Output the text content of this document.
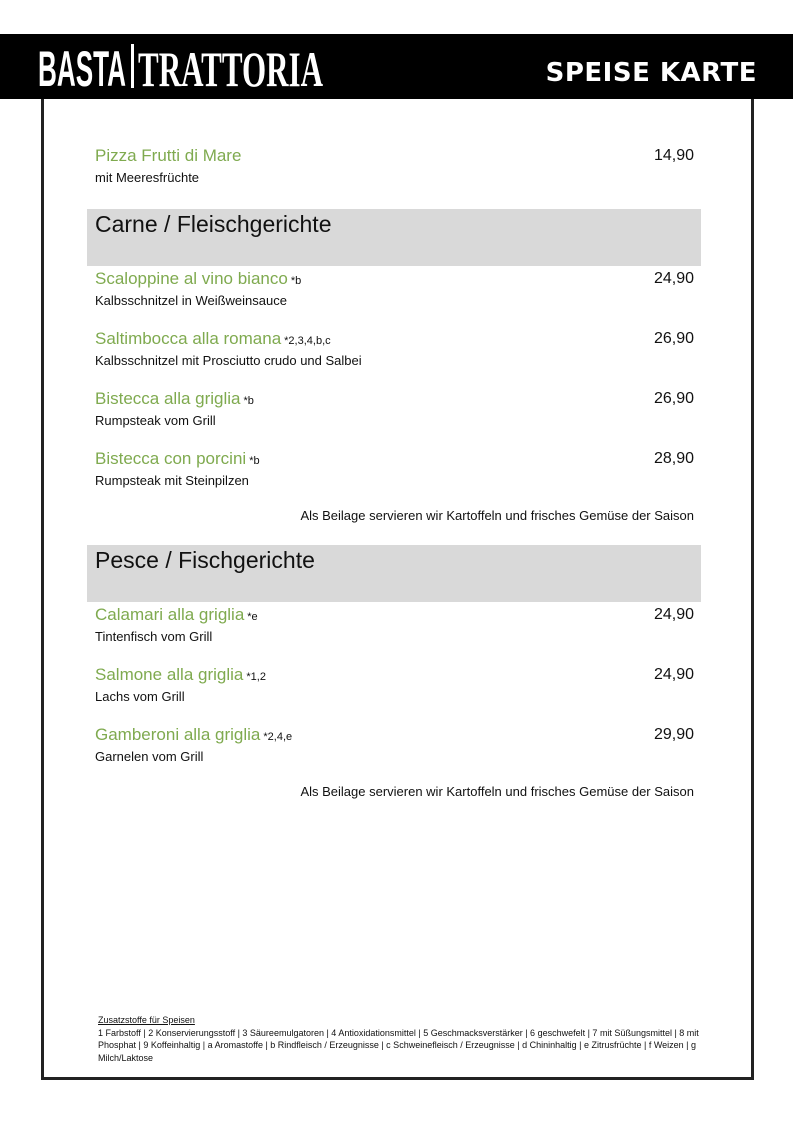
BASTA TRATTORIA	SPEISE KARTE
Pizza Frutti di Mare	14,90
mit Meeresfrüchte
Carne / Fleischgerichte
Scaloppine al vino bianco *b	24,90
Kalbsschnitzel in Weißweinsauce
Saltimbocca alla romana *2,3,4,b,c	26,90
Kalbsschnitzel mit Prosciutto crudo und Salbei
Bistecca alla griglia *b	26,90
Rumpsteak vom Grill
Bistecca con porcini *b	28,90
Rumpsteak mit Steinpilzen
Als Beilage servieren wir Kartoffeln und frisches Gemüse der Saison
Pesce / Fischgerichte
Calamari alla griglia *e	24,90
Tintenfisch vom Grill
Salmone alla griglia *1,2	24,90
Lachs vom Grill
Gamberoni alla griglia *2,4,e	29,90
Garnelen vom Grill
Als Beilage servieren wir Kartoffeln und frisches Gemüse der Saison
Zusatzstoffe für Speisen
1 Farbstoff | 2 Konservierungsstoff | 3 Säureemulgatoren | 4 Antioxidationsmittel | 5 Geschmacksverstärker | 6 geschwefelt | 7 mit Süßungsmittel | 8 mit Phosphat | 9 Koffeinhaltig | a Aromastoffe | b Rindfleisch / Erzeugnisse | c Schweinefleisch / Erzeugnisse | d Chininhaltig | e Zitrusfrüchte | f Weizen | g Milch/Laktose
